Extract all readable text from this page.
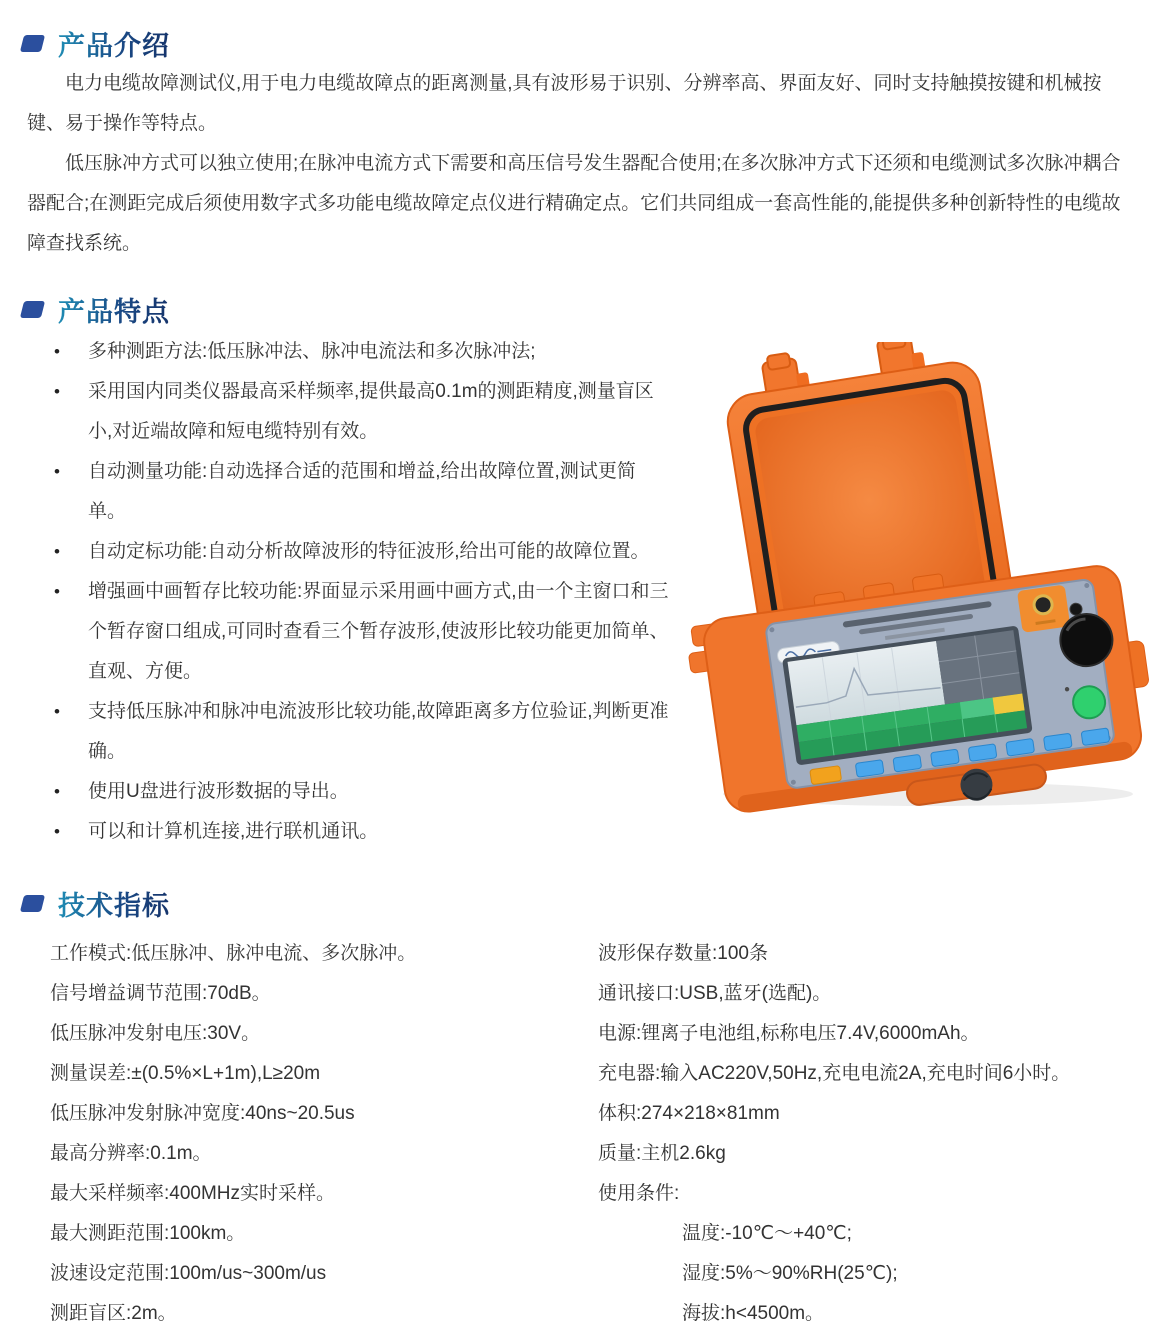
产品介绍

电力电缆故障测试仪,用于电力电缆故障点的距离测量,具有波形易于识别、分辨率高、界面友好、同时支持触摸按键和机械按键、易于操作等特点。

低压脉冲方式可以独立使用;在脉冲电流方式下需要和高压信号发生器配合使用;在多次脉冲方式下还须和电缆测试多次脉冲耦合器配合;在测距完成后须使用数字式多功能电缆故障定点仪进行精确定点。它们共同组成一套高性能的,能提供多种创新特性的电缆故障查找系统。

产品特点
• 多种测距方法:低压脉冲法、脉冲电流法和多次脉冲法;
• 采用国内同类仪器最高采样频率,提供最高0.1m的测距精度,测量盲区小,对近端故障和短电缆特别有效。
• 自动测量功能:自动选择合适的范围和增益,给出故障位置,测试更简单。
• 自动定标功能:自动分析故障波形的特征波形,给出可能的故障位置。
• 增强画中画暂存比较功能:界面显示采用画中画方式,由一个主窗口和三个暂存窗口组成,可同时查看三个暂存波形,使波形比较功能更加简单、直观、方便。
• 支持低压脉冲和脉冲电流波形比较功能,故障距离多方位验证,判断更准确。
• 使用U盘进行波形数据的导出。
• 可以和计算机连接,进行联机通讯。
技术指标
工作模式:低压脉冲、脉冲电流、多次脉冲。
信号增益调节范围:70dB。
低压脉冲发射电压:30V。
测量误差:±(0.5%×L+1m),L≥20m
低压脉冲发射脉冲宽度:40ns~20.5us
最高分辨率:0.1m。
最大采样频率:400MHz实时采样。
最大测距范围:100km。
波速设定范围:100m/us~300m/us
测距盲区:2m。
波形保存数量:100条
通讯接口:USB,蓝牙(选配)。
电源:锂离子电池组,标称电压7.4V,6000mAh。
充电器:输入AC220V,50Hz,充电电流2A,充电时间6小时。
体积:274×218×81mm
质量:主机2.6kg
使用条件:
温度:-10℃～+40℃;
湿度:5%～90%RH(25℃);
海拔:h<4500m。
